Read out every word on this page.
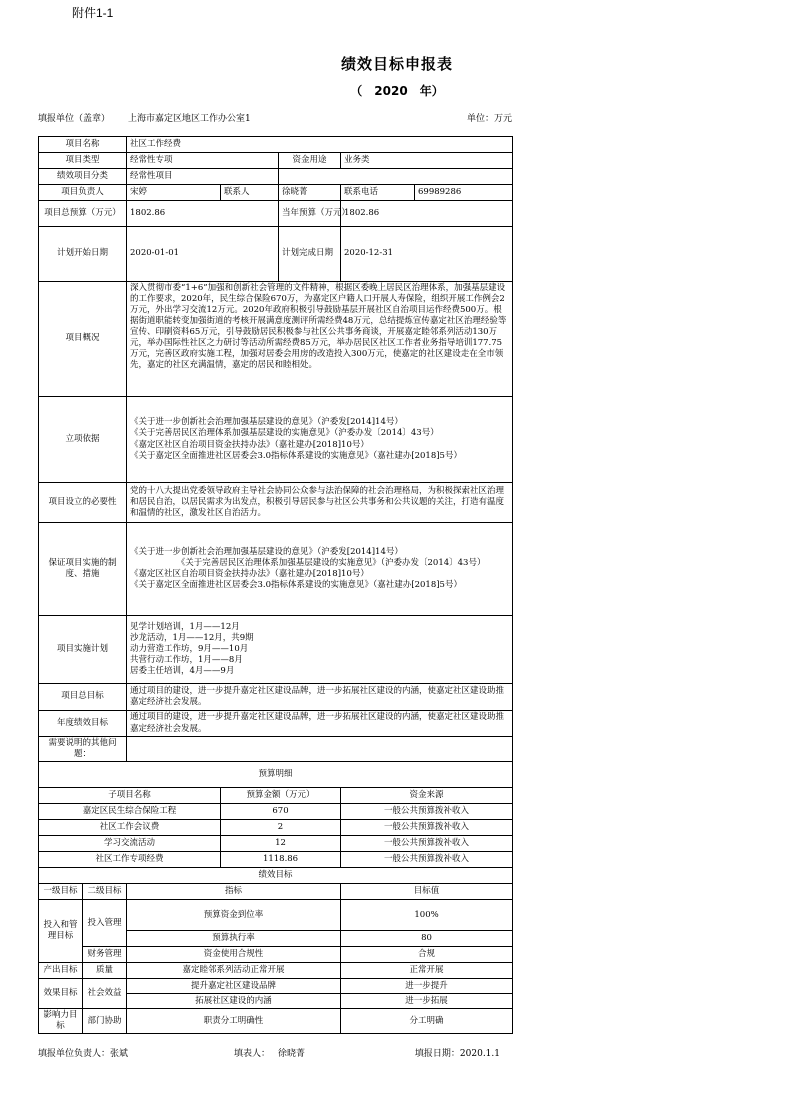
附件1-1
绩效目标申报表
（ 2020 年）
填报单位（盖章） 上海市嘉定区地区工作办公室1	单位：万元
项目名称		社区工作经费				
项目类型		经常性专项		资金用途	业务类	
绩效项目分类		经常性项目				
项目负责人		宋婷	联系人	徐晓菁	联系电话	69989286
项目总预算（万元）		1802.86		当年预算（万元）	1802.86	
计划开始日期		2020-01-01		计划完成日期	2020-12-31	
项目概况		深入贯彻市委“1+6”加强和创新社会管理的文件精神，根据区委晚上居民区治理体系，加强基层建设的工作要求，2020年，民生综合保险670万，为嘉定区户籍人口开展人寿保险，组织开展工作例会2万元，外出学习交流12万元。2020年政府积极引导鼓励基层开展社区自治项目运作经费500万。根据街道职能转变加强街道的考核开展满意度测评所需经费48万元，总结提炼宣传嘉定社区治理经验等宣传、印刷资料65万元，引导鼓励居民积极参与社区公共事务商谈，开展嘉定睦邻系列活动130万元，举办国际性社区之力研讨等活动所需经费85万元，举办居民区社区工作者业务指导培训177.75万元，完善区政府实施工程，加强对居委会用房的改造投入300万元，使嘉定的社区建设走在全市领先，嘉定的社区充满温情，嘉定的居民和睦相处。				
立项依据		《关于进一步创新社会治理加强基层建设的意见》（沪委发[2014]14号）
《关于完善居民区治理体系加强基层建设的实施意见》（沪委办发〔2014〕43号）
《嘉定区社区自治项目资金扶持办法》（嘉社建办[2018]10号）
《关于嘉定区全面推进社区居委会3.0指标体系建设的实施意见》（嘉社建办[2018]5号）				
项目设立的必要性		党的十八大提出党委领导政府主导社会协同公众参与法治保障的社会治理格局，为积极探索社区治理和居民自治，以居民需求为出发点，积极引导居民参与社区公共事务和公共议题的关注，打造有温度和温情的社区，激发社区自治活力。				
保证项目实施的制度、措施		《关于进一步创新社会治理加强基层建设的意见》（沪委发[2014]14号）
　　　　　　《关于完善居民区治理体系加强基层建设的实施意见》（沪委办发〔2014〕43号）
《嘉定区社区自治项目资金扶持办法》（嘉社建办[2018]10号）
《关于嘉定区全面推进社区居委会3.0指标体系建设的实施意见》（嘉社建办[2018]5号）				
项目实施计划		见学计划培训，1月——12月
沙龙活动，1月——12月，共9期
动力营造工作坊，9月——10月
共营行动工作坊，1月——8月
居委主任培训，4月——9月				
项目总目标		通过项目的建设，进一步提升嘉定社区建设品牌，进一步拓展社区建设的内涵，使嘉定社区建设助推嘉定经济社会发展。				
年度绩效目标		通过项目的建设，进一步提升嘉定社区建设品牌，进一步拓展社区建设的内涵，使嘉定社区建设助推嘉定经济社会发展。				
需要说明的其他问题：						
预算明细						
子项目名称			预算金额（万元）		资金来源	
嘉定区民生综合保险工程			670		一般公共预算拨补收入	
社区工作会议费			2		一般公共预算拨补收入	
学习交流活动			12		一般公共预算拨补收入	
社区工作专项经费			1118.86		一般公共预算拨补收入	
绩效目标						
一级目标	二级目标	指标			目标值	
投入和管理目标	投入管理	预算资金到位率			100%	
		预算执行率			80	
	财务管理	资金使用合规性			合规	
产出目标	质量	嘉定睦邻系列活动正常开展			正常开展	
效果目标	社会效益	提升嘉定社区建设品牌			进一步提升	
		拓展社区建设的内涵			进一步拓展	
影响力目标	部门协助	职责分工明确性			分工明确	
填报单位负责人：张斌	填表人： 徐晓菁	填报日期：2020.1.1
